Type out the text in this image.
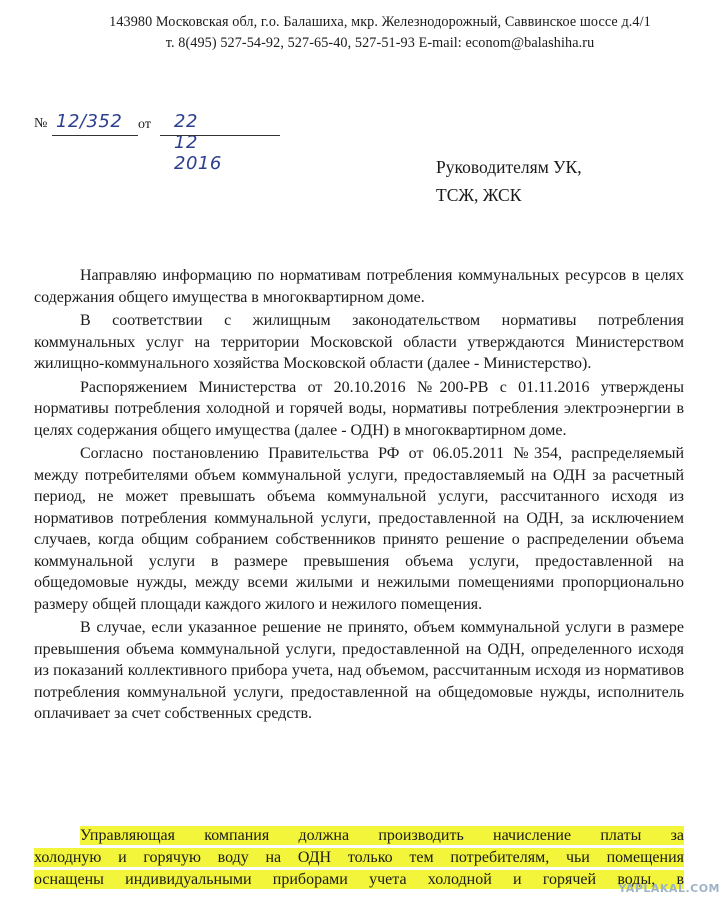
143980 Московская обл, г.о. Балашиха, мкр. Железнодорожный, Саввинское шоссе д.4/1
т. 8(495) 527-54-92, 527-65-40, 527-51-93 E-mail: econom@balashiha.ru
№ 12/352 от 22 12 2016	Руководителям УК,
ТСЖ, ЖСК

Направляю информацию по нормативам потребления коммунальных ресурсов в целях содержания общего имущества в многоквартирном доме.

В соответствии с жилищным законодательством нормативы потребления коммунальных услуг на территории Московской области утверждаются Министерством жилищно-коммунального хозяйства Московской области (далее - Министерство).

Распоряжением Министерства от 20.10.2016 №200-РВ с 01.11.2016 утверждены нормативы потребления холодной и горячей воды, нормативы потребления электроэнергии в целях содержания общего имущества (далее - ОДН) в многоквартирном доме.

Согласно постановлению Правительства РФ от 06.05.2011 №354, распределяемый между потребителями объем коммунальной услуги, предоставляемый на ОДН за расчетный период, не может превышать объема коммунальной услуги, рассчитанного исходя из нормативов потребления коммунальной услуги, предоставленной на ОДН, за исключением случаев, когда общим собранием собственников принято решение о распределении объема коммунальной услуги в размере превышения объема услуги, предоставленной на общедомовые нужды, между всеми жилыми и нежилыми помещениями пропорционально размеру общей площади каждого жилого и нежилого помещения.

В случае, если указанное решение не принято, объем коммунальной услуги в размере превышения объема коммунальной услуги, предоставленной на ОДН, определенного исходя из показаний коллективного прибора учета, над объемом, рассчитанным исходя из нормативов потребления коммунальной услуги, предоставленной на общедомовые нужды, исполнитель оплачивает за счет собственных средств.

Управляющая компания должна производить начисление платы за
холодную и горячую воду на ОДН только тем потребителям, чьи помещения
оснащены индивидуальными приборами учета холодной и горячей воды, в
YAPLAKAL.COM
